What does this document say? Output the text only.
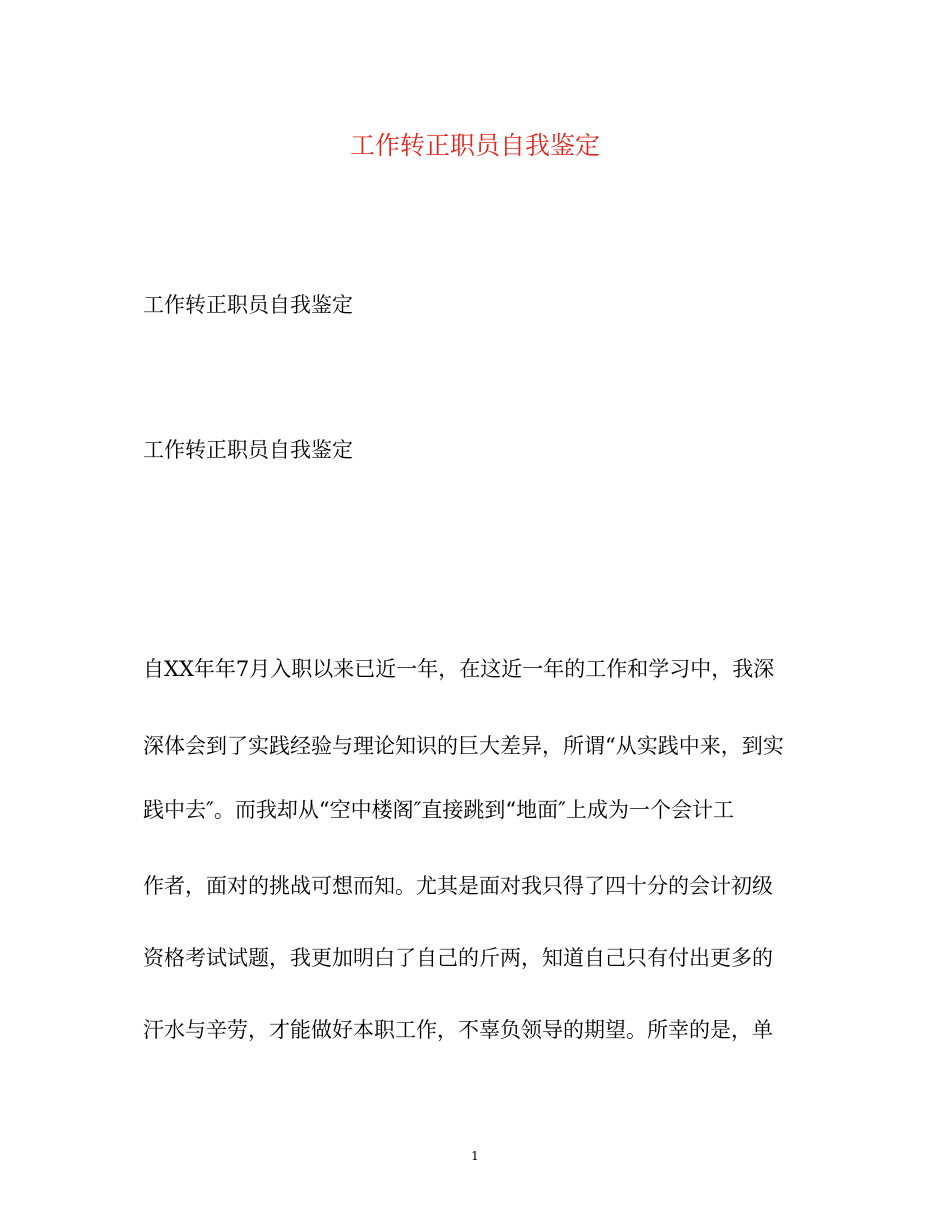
工作转正职员自我鉴定

工作转正职员自我鉴定

工作转正职员自我鉴定

自XX年年7月入职以来已近一年，在这近一年的工作和学习中，我深

深体会到了实践经验与理论知识的巨大差异，所谓“从实践中来，到实

践中去″。而我却从“空中楼阁″直接跳到“地面″上成为一个会计工

作者，面对的挑战可想而知。尤其是面对我只得了四十分的会计初级

资格考试试题，我更加明白了自己的斤两，知道自己只有付出更多的

汗水与辛劳，才能做好本职工作，不辜负领导的期望。所幸的是，单

1
